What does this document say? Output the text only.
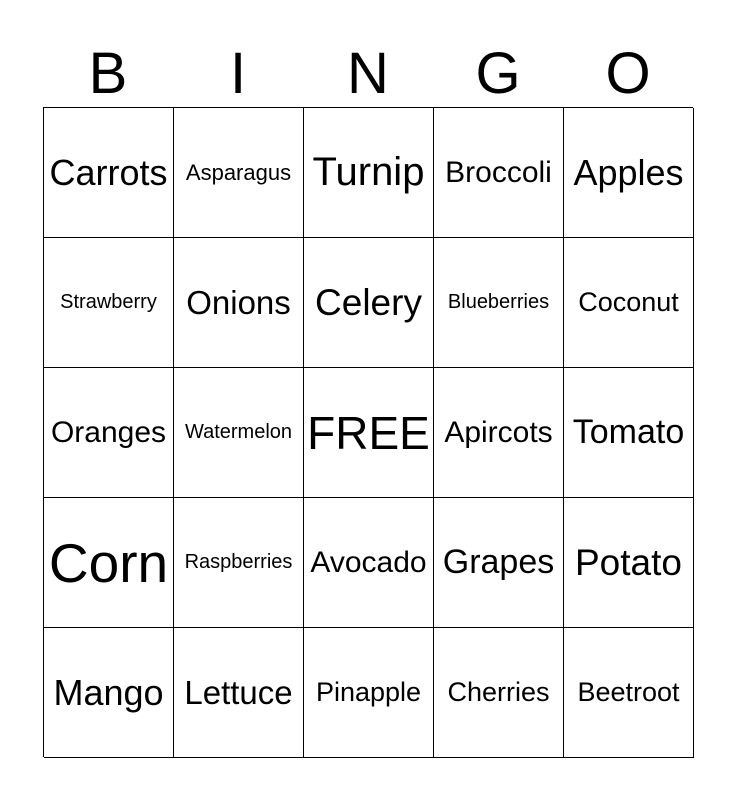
B	I	N	G	O
Carrots Asparagus Turnip Broccoli Apples
Strawberry Onions Celery Blueberries Coconut
Oranges Watermelon FREE Apircots Tomato
Corn Raspberries Avocado Grapes Potato
Mango Lettuce Pinapple Cherries Beetroot
